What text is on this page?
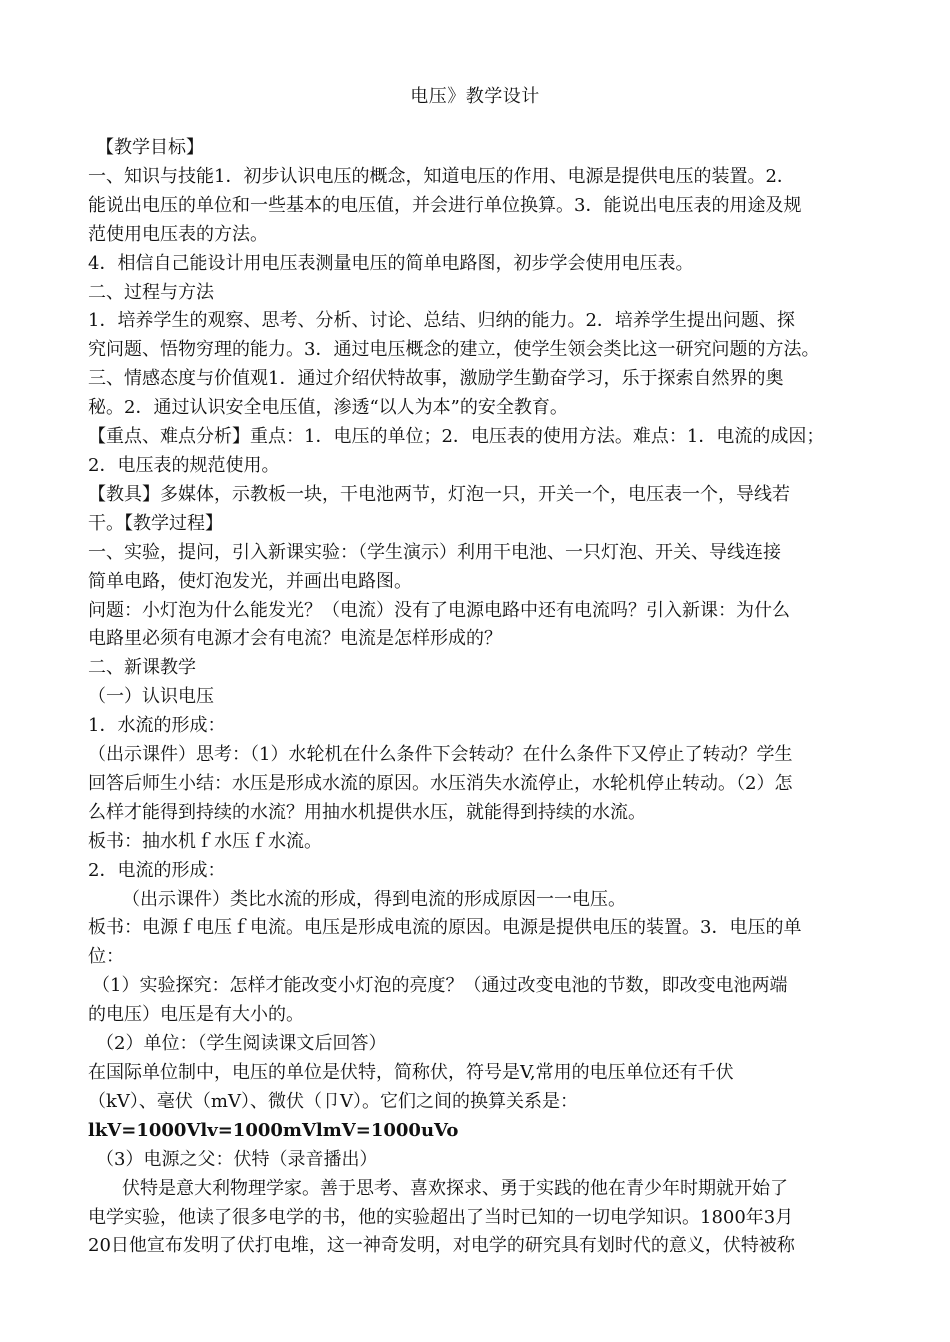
电压》教学设计
【教学目标】
一、知识与技能1．初步认识电压的概念，知道电压的作用、电源是提供电压的装置。2．
能说出电压的单位和一些基本的电压值，并会进行单位换算。3．能说出电压表的用途及规
范使用电压表的方法。
4．相信自己能设计用电压表测量电压的简单电路图，初步学会使用电压表。
二、过程与方法
1．培养学生的观察、思考、分析、讨论、总结、归纳的能力。2．培养学生提出问题、探
究问题、悟物穷理的能力。3．通过电压概念的建立，使学生领会类比这一研究问题的方法。
三、情感态度与价值观1．通过介绍伏特故事，激励学生勤奋学习，乐于探索自然界的奥
秘。2．通过认识安全电压值，渗透“以人为本”的安全教育。
【重点、难点分析】重点：1．电压的单位；2．电压表的使用方法。难点：1．电流的成因；
2．电压表的规范使用。
【教具】多媒体，示教板一块，干电池两节，灯泡一只，开关一个，电压表一个，导线若
干。【教学过程】
一、实验，提问，引入新课实验：（学生演示）利用干电池、一只灯泡、开关、导线连接
简单电路，使灯泡发光，并画出电路图。
问题：小灯泡为什么能发光？（电流）没有了电源电路中还有电流吗？引入新课：为什么
电路里必须有电源才会有电流？电流是怎样形成的？
二、新课教学
（一）认识电压
1．水流的形成：
（出示课件）思考：（1）水轮机在什么条件下会转动？在什么条件下又停止了转动？学生
回答后师生小结：水压是形成水流的原因。水压消失水流停止，水轮机停止转动。（2）怎
么样才能得到持续的水流？用抽水机提供水压，就能得到持续的水流。
板书：抽水机ｆ水压ｆ水流。
2．电流的形成：
（出示课件）类比水流的形成，得到电流的形成原因一一电压。
板书：电源ｆ电压ｆ电流。电压是形成电流的原因。电源是提供电压的装置。3．电压的单
位：
（1）实验探究：怎样才能改变小灯泡的亮度？（通过改变电池的节数，即改变电池两端
的电压）电压是有大小的。
（2）单位：（学生阅读课文后回答）
在国际单位制中，电压的单位是伏特，简称伏，符号是V,常用的电压单位还有千伏
（kV）、毫伏（mV）、微伏（卩V）。它们之间的换算关系是：
lkV=1000Vlv=1000mVlmV=1000uVo
（3）电源之父：伏特（录音播出）
伏特是意大利物理学家。善于思考、喜欢探求、勇于实践的他在青少年时期就开始了
电学实验，他读了很多电学的书，他的实验超出了当时已知的一切电学知识。1800年3月
20日他宣布发明了伏打电堆，这一神奇发明，对电学的研究具有划时代的意义，伏特被称
